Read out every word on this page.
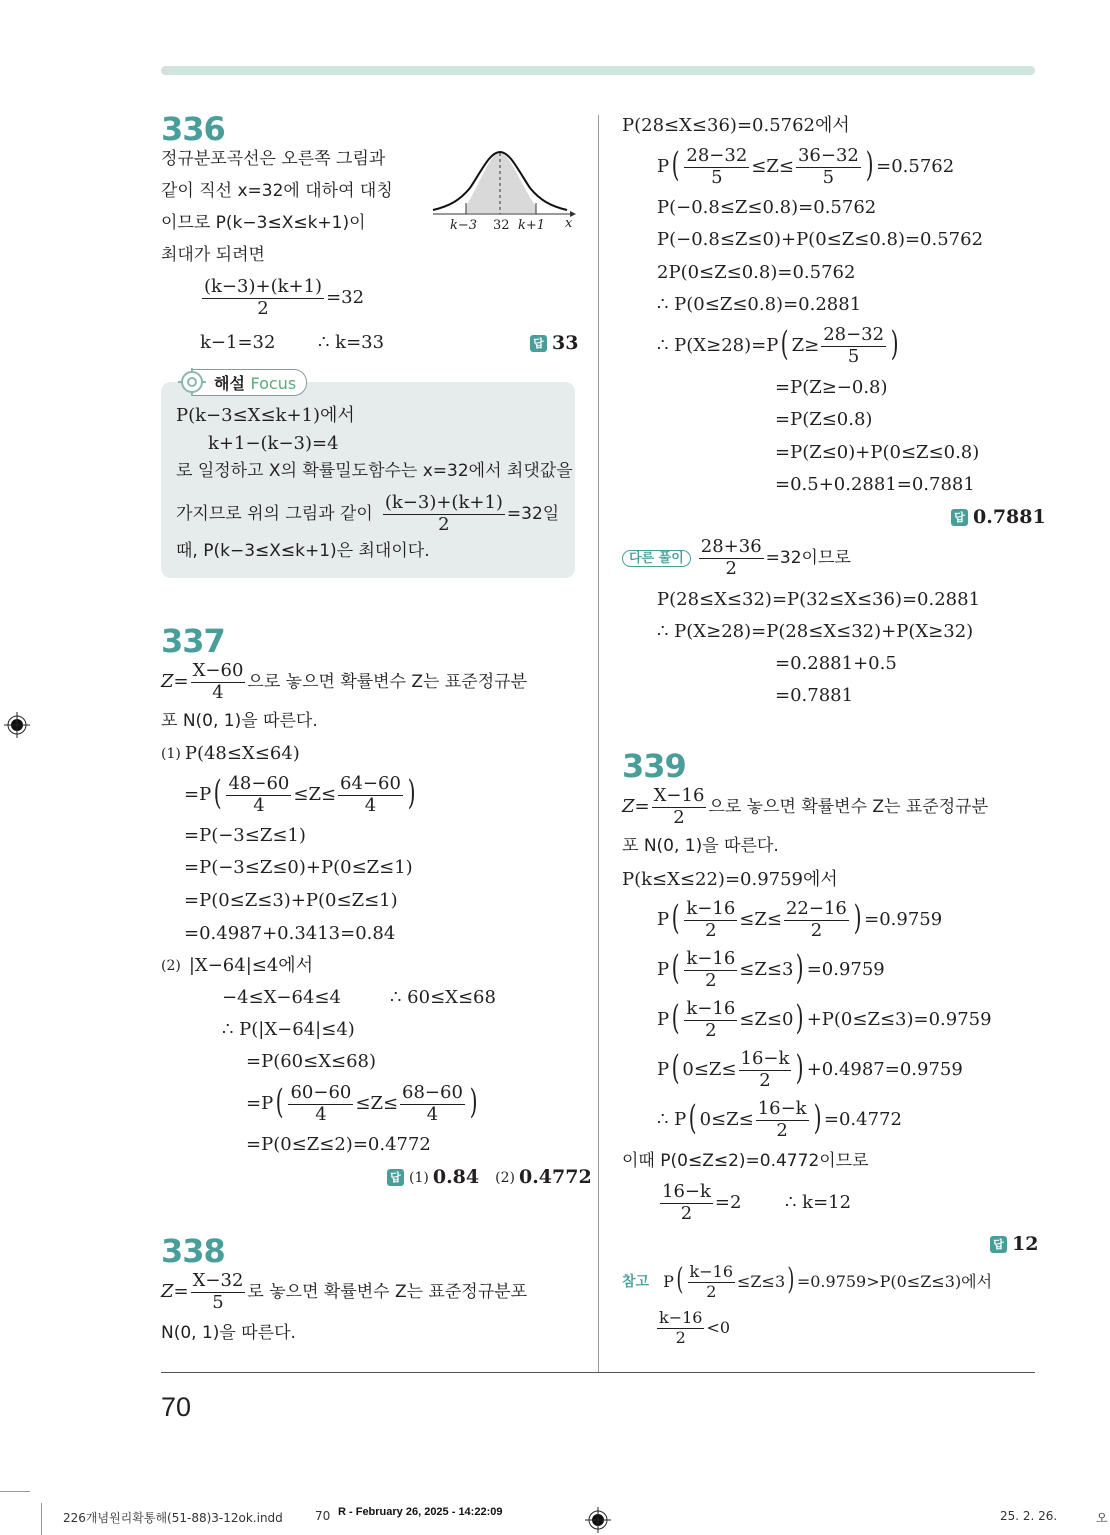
70
336
정규분포곡선은 오른쪽 그림과
같이 직선 x=32에 대하여 대칭
이므로 P(k−3≤X≤k+1)이
최대가 되려면
k−3 32 k+1 x
$\frac{(k-3)+(k+1)}{2} =32$
k−1=32 ∴ k=33	답 33
해설 Focus
P(k−3≤X≤k+1)에서
k+1−(k−3)=4
로 일정하고 X의 확률밀도함수는 x=32에서 최댓값을
가지므로 위의 그림과 같이 $\frac{(k-3)+(k+1)}{2} =32$일
때, P(k−3≤X≤k+1)은 최대이다.
337
$Z= \frac{X-60}{4}$ 으로 놓으면 확률변수 Z는 표준정규분
포 N(0, 1)을 따른다.
(1) P(48≤X≤64)
=P ( $\frac{48-60}{4} \le Z\le \frac{64-60}{4}$ )
=P(−3≤Z≤1)
=P(−3≤Z≤0)+P(0≤Z≤1)
=P(0≤Z≤3)+P(0≤Z≤1)
=0.4987+0.3413=0.84
(2) |X−64|≤4에서
−4≤X−64≤4	∴ 60≤X≤68
∴ P(|X−64|≤4)
=P(60≤X≤68)
=P ( $\frac{60-60}{4} \le Z\le \frac{68-60}{4}$ )
=P(0≤Z≤2)=0.4772
답 (1) 0.84 (2) 0.4772
338
$Z= \frac{X-32}{5}$ 로 놓으면 확률변수 Z는 표준정규분포
N(0, 1)을 따른다.
P(28≤X≤36)=0.5762에서
P ( $\frac{28-32}{5} \le Z\le \frac{36-32}{5}$ ) =0.5762
P(−0.8≤Z≤0.8)=0.5762
P(−0.8≤Z≤0)+P(0≤Z≤0.8)=0.5762
2P(0≤Z≤0.8)=0.5762
∴ P(0≤Z≤0.8)=0.2881
∴ P(X≥28)=P ( $Z\ge \frac{28-32}{5}$ )
=P(Z≥−0.8)
=P(Z≤0.8)
=P(Z≤0)+P(0≤Z≤0.8)
=0.5+0.2881=0.7881
답 0.7881
다른 풀이 $\frac{28+36}{2} =32$이므로
P(28≤X≤32)=P(32≤X≤36)=0.2881
∴ P(X≥28)=P(28≤X≤32)+P(X≥32)
=0.2881+0.5
=0.7881
339
$Z= \frac{X-16}{2}$ 으로 놓으면 확률변수 Z는 표준정규분
포 N(0, 1)을 따른다.
P(k≤X≤22)=0.9759에서
P ( $\frac{k-16}{2} \le Z\le \frac{22-16}{2}$ ) =0.9759
P ( $\frac{k-16}{2} \le Z\le 3$ ) =0.9759
P ( $\frac{k-16}{2} \le Z\le 0$ ) +P(0≤Z≤3)=0.9759
P ( $0\le Z\le \frac{16-k}{2}$ ) +0.4987=0.9759
∴ P ( $0\le Z\le \frac{16-k}{2}$ ) =0.4772
이때 P(0≤Z≤2)=0.4772이므로
$\frac{16-k}{2} =2$ ∴ k=12
답 12
참고 P ( $\frac{k-16}{2} \le Z\le 3$ ) =0.9759>P(0≤Z≤3)에서
$\frac{k-16}{2} <0$
226개념원리확통해(51-88)3-12ok.indd	70 R - February 26, 2025 - 14:22:09	25. 2. 26.	오
